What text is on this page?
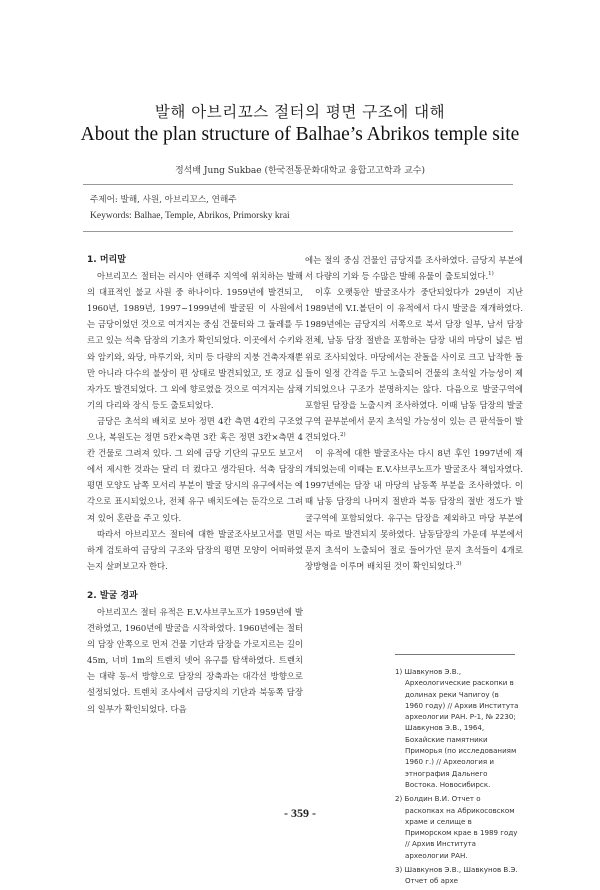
발해 아브리꼬스 절터의 평면 구조에 대해
About the plan structure of Balhae’s Abrikos temple site
정석배 Jung Sukbae (한국전통문화대학교 융합고고학과 교수)
주제어: 발해, 사원, 아브리꼬스, 연해주
Keywords: Balhae, Temple, Abrikos, Primorsky krai
1. 머리말

아브리꼬스 절터는 러시아 연해주 지역에 위치하는 발해의 대표적인 불교 사원 중 하나이다. 1959년에 발견되고, 1960년, 1989년, 1997~1999년에 발굴된 이 사원에서는 금당이었던 것으로 여겨지는 중심 건물터와 그 둘레를 두르고 있는 석축 담장의 기초가 확인되었다. 이곳에서 수키와와 암키와, 와당, 마루기와, 치미 등 다량의 지붕 건축자재뿐만 아니라 다수의 불상이 편 상태로 발견되었고, 또 경교 십자가도 발견되었다. 그 외에 향로였을 것으로 여겨지는 삼채기의 다리와 장식 등도 출토되었다.

금당은 초석의 배치로 보아 정면 4칸 측면 4칸의 구조였으나, 복원도는 정면 5칸×측면 3칸 혹은 정면 3칸×측면 4칸 건물로 그려져 있다. 그 외에 금당 기단의 규모도 보고서에서 제시한 것과는 달리 더 컸다고 생각된다. 석축 담장의 평면 모양도 남쪽 모서리 부분이 발굴 당시의 유구에서는 예각으로 표시되었으나, 전체 유구 배치도에는 둔각으로 그려져 있어 혼란을 주고 있다.

따라서 아브리꼬스 절터에 대한 발굴조사보고서를 면밀하게 검토하여 금당의 구조와 담장의 평면 모양이 어떠하였는지 살펴보고자 한다.

2. 발굴 경과

아브리꼬스 절터 유적은 E.V.샤브쿠노프가 1959년에 발견하였고, 1960년에 발굴을 시작하였다. 1960년에는 절터의 담장 안쪽으로 먼저 건물 기단과 담장을 가로지르는 길이 45m, 너비 1m의 트렌치 넷어 유구를 탐색하였다. 트렌치는 대략 동-서 방향으로 담장의 장축과는 대각선 방향으로 설정되었다. 트렌치 조사에서 금당지의 기단과 북동쪽 담장의 일부가 확인되었다. 다음

에는 절의 중심 건물인 금당지를 조사하였다. 금당지 부분에서 다량의 기와 등 수많은 발해 유물이 출토되었다.$^{1)}$

이후 오랫동안 발굴조사가 중단되었다가 29년이 지난 1989년에 V.I.볼딘이 이 유적에서 다시 발굴을 재개하였다. 1989년에는 금당지의 서쪽으로 북서 담장 일부, 남서 담장 전체, 남동 담장 절반을 포함하는 담장 내의 마당이 넓은 범위로 조사되었다. 마당에서는 잔돌을 사이로 크고 납작한 돌들이 일정 간격을 두고 노출되어 건물의 초석일 가능성이 제기되었으나 구조가 분명하지는 않다. 다음으로 발굴구역에 포함된 담장을 노출시켜 조사하였다. 이때 남동 담장의 발굴구역 끝부분에서 문지 초석일 가능성이 있는 큰 판석들이 발견되었다.$^{2)}$

이 유적에 대한 발굴조사는 다시 8년 후인 1997년에 재개되었는데 이때는 E.V.샤브쿠노프가 발굴조사 책임자였다. 1997년에는 담장 내 마당의 남동쪽 부분을 조사하였다. 이때 남동 담장의 나머지 절반과 북동 담장의 절반 정도가 발굴구역에 포함되었다. 유구는 담장을 제외하고 마당 부분에서는 따로 발견되지 못하였다. 남동담장의 가운데 부분에서 문지 초석이 노출되어 절로 들어가던 문지 초석들이 4개로 장방형을 이루며 배치된 것이 확인되었다.$^{3)}$

1) Шавкунов Э.В., Археологические раскопки в долинах реки Чапигоу (в 1960 году) // Архив Института археологии РАН. Р-1, № 2230; Шавкунов Э.В., 1964, Бохайские памятники Приморья (по исследованиям 1960 г.) // Археология и этнография Дальнего Востока. Новосибирск.

2) Болдин В.И. Отчет о раскопках на Абрикосовском храме и селище в Приморском крае в 1989 году // Архив Института археологии РАН.

3) Шавкунов Э.В., Шавкунов В.Э. Отчет об архе

- 359 -
